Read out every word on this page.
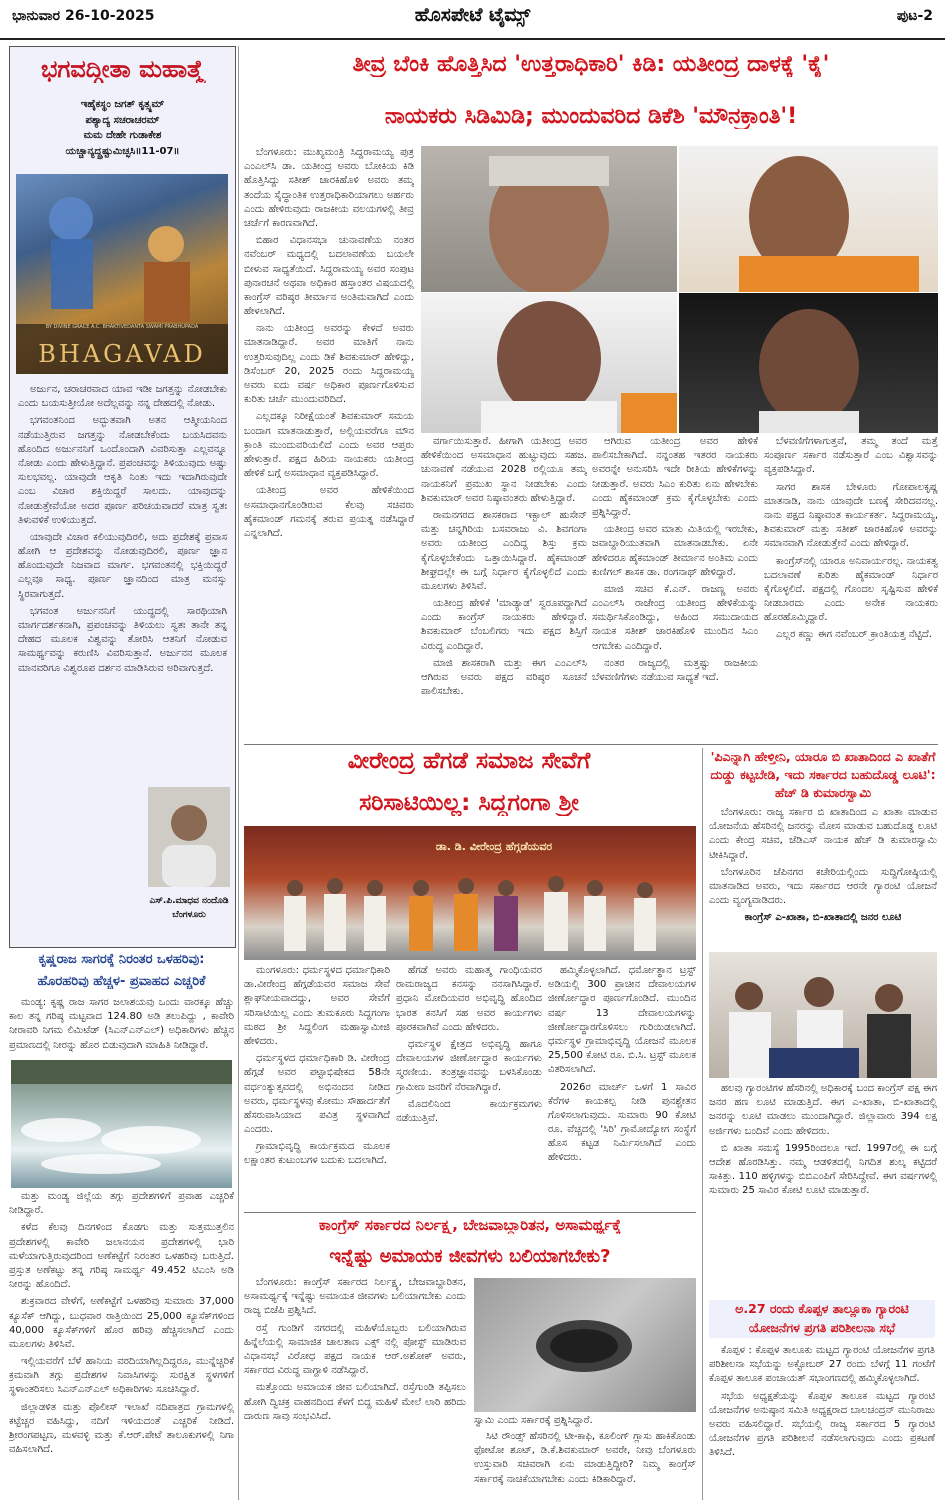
ಭಾನುವಾರ 26-10-2025	ಹೊಸಪೇಟೆ ಟೈಮ್ಸ್	ಪುಟ-2
ಭಗವದ್ಗೀತಾ ಮಹಾತ್ಮೆ
ಇಹೈಕಸ್ಥಂ ಜಗತ್ ಕೃತ್ಸ್ನಮ್
ಪಶ್ಯಾದ್ಯ ಸಚರಾಚರಮ್
ಮಮ ದೇಹೇ ಗುಡಾಕೇಶ
ಯಚ್ಚಾನ್ಯದ್ದ್ರಷ್ಟುಮಿಚ್ಛಸಿ॥11-07॥
BY DIVINE GRACE A.C. BHAKTIVEDANTA SWAMI PRABHUPADA
BHAGAVAD

ಅರ್ಜುನ, ಚರಾಚರವಾದ ಯಾವ ಇಡೀ ಜಗತ್ತನ್ನು ನೋಡಬೇಕು ಎಂದು ಬಯಸುತ್ತೀಯೋ ಅದೆಲ್ಲವನ್ನು ನನ್ನ ದೇಹದಲ್ಲಿ ನೋಡು.

ಭಗವಂತನಿಂದ ಅದ್ಭುತವಾಗಿ ಅತನ ಆತ್ಮೀಯನಿಂದ ನಡೆಯುತ್ತಿರುವ ಜಗತ್ತನ್ನು ನೋಡಬೇಕೆಂದು ಬಯಸಿದವನು ಹೊಂದಿದ ಅರ್ಜುನನಿಗೆ ಒಂದೊಂದಾಗಿ ವಿವರಿಸುತ್ತಾ ಎಲ್ಲವನ್ನೂ ನೋಡು ಎಂದು ಹೇಳುತ್ತಿದ್ದಾನೆ. ಪ್ರಪಂಚವನ್ನು ತಿಳಿಯುವುದು ಅಷ್ಟು ಸುಲಭವಲ್ಲ. ಯಾವುದೇ ಆಕೃತಿ ನಿಂತು ಇದು ಇದಾಗಿರುವುದೇ ಎಂಬ ವಿಚಾರ ಶಕ್ತಿಯಿದ್ದರೆ ಸಾಲದು. ಯಾವುದನ್ನು ನೋಡುತ್ತೇವೆಯೋ ಅದರ ಪೂರ್ಣ ಪರಿಚಯವಾದರೆ ಮಾತ್ರ ಸ್ವತಃ ತಿಳುವಳಿಕೆ ಉಳಿಯುತ್ತದೆ.

ಯಾವುದೇ ವಿಚಾರ ಕಲಿಯುವುದಿರಲಿ, ಅದು ಪ್ರದೇಶಕ್ಕೆ ಪ್ರವಾಸ ಹೋಗಿ ಆ ಪ್ರದೇಶವನ್ನು ನೋಡುವುದಿರಲಿ, ಪೂರ್ಣ ಜ್ಞಾನ ಹೊಂದುವುದೇ ನಿಜವಾದ ಮಾರ್ಗ. ಭಗವಂತನಲ್ಲಿ ಭಕ್ತಿಯಿದ್ದರೆ ಎಲ್ಲವೂ ಸಾಧ್ಯ. ಪೂರ್ಣ ಜ್ಞಾನದಿಂದ ಮಾತ್ರ ಮನಸ್ಸು ಸ್ಥಿರವಾಗುತ್ತದೆ.

ಭಗವಂತ ಅರ್ಜುನನಿಗೆ ಯುದ್ಧದಲ್ಲಿ ಸಾರಥಿಯಾಗಿ ಮಾರ್ಗದರ್ಶಕನಾಗಿ, ಪ್ರಪಂಚವನ್ನು ತಿಳಿಯಲು ಸ್ವತಃ ತಾನೇ ತನ್ನ ದೇಹದ ಮೂಲಕ ವಿಶ್ವವನ್ನು ತೋರಿಸಿ ಆತನಿಗೆ ನೋಡುವ ಸಾಮರ್ಥ್ಯವನ್ನು ಕರುಣಿಸಿ ವಿವರಿಸುತ್ತಾನೆ. ಅರ್ಜುನನ ಮೂಲಕ ಮಾನವರಿಗೂ ವಿಶ್ವರೂಪ ದರ್ಶನ ಮಾಡಿಸಿರುವ ಅರಿವಾಗುತ್ತದೆ.

ಎಸ್.ಪಿ.ಮಾಧವ ನಂದೊಡಿ
ಬೆಂಗಳೂರು
ತೀವ್ರ ಬೆಂಕಿ ಹೊತ್ತಿಸಿದ 'ಉತ್ತರಾಧಿಕಾರಿ' ಕಿಡಿ: ಯತೀಂದ್ರ ದಾಳಕ್ಕೆ 'ಕೈ'
ನಾಯಕರು ಸಿಡಿಮಿಡಿ; ಮುಂದುವರಿದ ಡಿಕೆಶಿ 'ಮೌನಕ್ರಾಂತಿ'!

ಬೆಂಗಳೂರು: ಮುಖ್ಯಮಂತ್ರಿ ಸಿದ್ದರಾಮಯ್ಯ ಪುತ್ರ ಎಂಎಲ್‌ಸಿ ಡಾ. ಯತೀಂದ್ರ ಅವರು ಬೋಕಿಯ ಕಿಡಿ ಹೊತ್ತಿಸಿದ್ದು ಸತೀಶ್ ಜಾರಕಿಹೊಳಿ ಅವರು ತಮ್ಮ ತಂದೆಯ ಸೈದ್ಧಾಂತಿಕ ಉತ್ತರಾಧಿಕಾರಿಯಾಗಲು ಅರ್ಹರು ಎಂದು ಹೇಳಿರುವುದು ರಾಜಕೀಯ ವಲಯಗಳಲ್ಲಿ ತೀವ್ರ ಚರ್ಚೆಗೆ ಕಾರಣವಾಗಿದೆ.

ಬಿಹಾರ ವಿಧಾನಸಭಾ ಚುನಾವಣೆಯ ನಂತರ ನವೆಂಬರ್ ಮಧ್ಯದಲ್ಲಿ ಬದಲಾವಣೆಯ ಬಯಲೇ ಬೀಳುವ ಸಾಧ್ಯತೆಯಿದೆ. ಸಿದ್ದರಾಮಯ್ಯ ಅವರ ಸಂಪುಟ ಪುನಾರಚನೆ ಅಥವಾ ಅಧಿಕಾರ ಹಸ್ತಾಂತರ ವಿಷಯದಲ್ಲಿ ಕಾಂಗ್ರೆಸ್ ವರಿಷ್ಠರ ತೀರ್ಮಾನ ಅಂತಿಮವಾಗಿದೆ ಎಂದು ಹೇಳಲಾಗಿದೆ.

ನಾನು ಯತೀಂದ್ರ ಅವರನ್ನು ಕೇಳದೆ ಅವರು ಮಾತನಾಡಿದ್ದಾರೆ. ಅವರ ಮಾತಿಗೆ ನಾನು ಉತ್ತರಿಸುವುದಿಲ್ಲ ಎಂದು ಡಿಕೆ ಶಿವಕುಮಾರ್ ಹೇಳಿದ್ದು, ಡಿಸೆಂಬರ್ 20, 2025 ರಂದು ಸಿದ್ದರಾಮಯ್ಯ ಅವರು ಐದು ವರ್ಷ ಅಧಿಕಾರ ಪೂರ್ಣಗೊಳಿಸುವ ಕುರಿತು ಚರ್ಚೆ ಮುಂದುವರಿದಿದೆ.

ಎಲ್ಲದಕ್ಕೂ ನಿರೀಕ್ಷೆಯಂತೆ ಶಿವಕುಮಾರ್ ಸಮಯ ಬಂದಾಗ ಮಾತನಾಡುತ್ತಾರೆ, ಅಲ್ಲಿಯವರೆಗೂ ಮೌನ ಕ್ರಾಂತಿ ಮುಂದುವರಿಯಲಿದೆ ಎಂದು ಅವರ ಆಪ್ತರು ಹೇಳುತ್ತಾರೆ. ಪಕ್ಷದ ಹಿರಿಯ ನಾಯಕರು ಯತೀಂದ್ರ ಹೇಳಿಕೆ ಬಗ್ಗೆ ಅಸಮಾಧಾನ ವ್ಯಕ್ತಪಡಿಸಿದ್ದಾರೆ.

ಯತೀಂದ್ರ ಅವರ ಹೇಳಿಕೆಯಿಂದ ಅಸಮಾಧಾನಗೊಂಡಿರುವ ಕೆಲವು ಸಚಿವರು ಹೈಕಮಾಂಡ್ ಗಮನಕ್ಕೆ ತರುವ ಪ್ರಯತ್ನ ನಡೆಸಿದ್ದಾರೆ ಎನ್ನಲಾಗಿದೆ.

ವರ್ಗಾಯಿಸುತ್ತಾರೆ. ಹೀಗಾಗಿ ಯತೀಂದ್ರ ಅವರ ಹೇಳಿಕೆಯಿಂದ ಅಸಮಾಧಾನ ಹುಟ್ಟುವುದು ಸಹಜ. ಚುನಾವಣೆ ನಡೆಯುವ 2028 ರಲ್ಲಿಯೂ ತಮ್ಮ ನಾಯಕನಿಗೆ ಪ್ರಮುಖ ಸ್ಥಾನ ನೀಡಬೇಕು ಎಂದು ಶಿವಕುಮಾರ್ ಅವರ ನಿಷ್ಠಾವಂತರು ಹೇಳುತ್ತಿದ್ದಾರೆ.

ರಾಮನಗರದ ಶಾಸಕರಾದ ಇಕ್ಬಾಲ್ ಹುಸೇನ್ ಮತ್ತು ಚನ್ನಗಿರಿಯ ಬಸವರಾಜು ವಿ. ಶಿವಗಂಗಾ ಅವರು ಯತೀಂದ್ರ ಎಂದಿದ್ದ ಶಿಸ್ತು ಕ್ರಮ ಕೈಗೊಳ್ಳಬೇಕೆಂದು ಒತ್ತಾಯಿಸಿದ್ದಾರೆ. ಹೈಕಮಾಂಡ್ ಶೀಘ್ರದಲ್ಲೇ ಈ ಬಗ್ಗೆ ನಿರ್ಧಾರ ಕೈಗೊಳ್ಳಲಿದೆ ಎಂದು ಮೂಲಗಳು ತಿಳಿಸಿವೆ.

ಯತೀಂದ್ರ ಹೇಳಿಕೆ 'ಮಾಡ್ಯಾಡ' ಸ್ವರೂಪದ್ದಾಗಿದೆ ಎಂದು ಕಾಂಗ್ರೆಸ್ ನಾಯಕರು ಹೇಳಿದ್ದಾರೆ. ಶಿವಕುಮಾರ್ ಬೆಂಬಲಿಗರು ಇದು ಪಕ್ಷದ ಶಿಸ್ತಿಗೆ ವಿರುದ್ಧ ಎಂದಿದ್ದಾರೆ.

ಮಾಜಿ ಶಾಸಕರಾಗಿ ಮತ್ತು ಈಗ ಎಂಎಲ್‌ಸಿ ಆಗಿರುವ ಅವರು ಪಕ್ಷದ ವರಿಷ್ಠರ ಸೂಚನೆ ಪಾಲಿಸಬೇಕು.

ಆಗಿರುವ ಯತೀಂದ್ರ ಅವರ ಹೇಳಿಕೆ ಪಾಲಿಸಬೇಕಾಗಿದೆ. ನನ್ನಂತಹ ಇತರರ ನಾಯಕರು ಅವರನ್ನೇ ಅನುಸರಿಸಿ ಇದೇ ರೀತಿಯ ಹೇಳಿಕೆಗಳನ್ನು ನೀಡುತ್ತಾರೆ. ಅವರು ಸಿಎಂ ಕುರಿತು ಏನು ಹೇಳಬೇಕು ಎಂದು ಹೈಕಮಾಂಡ್ ಕ್ರಮ ಕೈಗೊಳ್ಳಬೇಕು ಎಂದು ಪ್ರಶ್ನಿಸಿದ್ದಾರೆ.

ಯತೀಂದ್ರ ಅವರ ಮಾತು ಮಿತಿಯಲ್ಲಿ ಇರಬೇಕು, ಜವಾಬ್ದಾರಿಯುತವಾಗಿ ಮಾತನಾಡಬೇಕು. ಏನೇ ಹೇಳಿದರೂ ಹೈಕಮಾಂಡ್ ತೀರ್ಮಾನ ಅಂತಿಮ ಎಂದು ಕುಣಿಗಲ್ ಶಾಸಕ ಡಾ. ರಂಗನಾಥ್ ಹೇಳಿದ್ದಾರೆ.

ಮಾಜಿ ಸಚಿವ ಕೆ.ಎನ್. ರಾಜಣ್ಣ ಅವರು ಎಂಎಲ್‌ಸಿ ರಾಜೇಂದ್ರ ಯತೀಂದ್ರ ಹೇಳಿಕೆಯನ್ನು ಸಮರ್ಥಿಸಿಕೊಂಡಿದ್ದು, ಅಹಿಂದ ಸಮುದಾಯದ ನಾಯಕ ಸತೀಶ್ ಜಾರಕಿಹೊಳಿ ಮುಂದಿನ ಸಿಎಂ ಆಗಬೇಕು ಎಂದಿದ್ದಾರೆ.

ನಂತರ ರಾಜ್ಯದಲ್ಲಿ ಮತ್ತಷ್ಟು ರಾಜಕೀಯ ಬೆಳವಣಿಗೆಗಳು ನಡೆಯುವ ಸಾಧ್ಯತೆ ಇದೆ.

ಬೆಳವಣಿಗೆಗಳಾಗುತ್ತವೆ, ತಮ್ಮ ತಂದೆ ಮತ್ತೆ ಸಂಪೂರ್ಣ ಸರ್ಕಾರ ನಡೆಸುತ್ತಾರೆ ಎಂಬ ವಿಶ್ವಾಸವನ್ನು ವ್ಯಕ್ತಪಡಿಸಿದ್ದಾರೆ.

ಸಾಗರ ಶಾಸಕ ಬೇಳೂರು ಗೋಪಾಲಕೃಷ್ಣ ಮಾತನಾಡಿ, ನಾನು ಯಾವುದೇ ಬಣಕ್ಕೆ ಸೇರಿದವನಲ್ಲ. ನಾನು ಪಕ್ಷದ ನಿಷ್ಠಾವಂತ ಕಾರ್ಯಕರ್ತ. ಸಿದ್ದರಾಮಯ್ಯ, ಶಿವಕುಮಾರ್ ಮತ್ತು ಸತೀಶ್ ಜಾರಕಿಹೊಳಿ ಅವರನ್ನು ಸಮಾನವಾಗಿ ನೋಡುತ್ತೇನೆ ಎಂದು ಹೇಳಿದ್ದಾರೆ.

ಕಾಂಗ್ರೆಸ್‌ನಲ್ಲಿ ಯಾರೂ ಅನಿವಾರ್ಯರಲ್ಲ. ನಾಯಕತ್ವ ಬದಲಾವಣೆ ಕುರಿತು ಹೈಕಮಾಂಡ್ ನಿರ್ಧಾರ ಕೈಗೊಳ್ಳಲಿದೆ. ಪಕ್ಷದಲ್ಲಿ ಗೊಂದಲ ಸೃಷ್ಟಿಸುವ ಹೇಳಿಕೆ ನೀಡಬಾರದು ಎಂದು ಅನೇಕ ನಾಯಕರು ಹೊರಹೊಮ್ಮಿದ್ದಾರೆ.

ಎಲ್ಲರ ಕಣ್ಣು ಈಗ ನವೆಂಬರ್ ಕ್ರಾಂತಿಯತ್ತ ನೆಟ್ಟಿದೆ.

ವೀರೇಂದ್ರ ಹೆಗಡೆ ಸಮಾಜ ಸೇವೆಗೆ
ಸರಿಸಾಟಿಯಿಲ್ಲ: ಸಿದ್ದಗಂಗಾ ಶ್ರೀ
ಡಾ. ಡಿ. ವೀರೇಂದ್ರ ಹೆಗ್ಗಡೆಯವರ

ಮಂಗಳೂರು: ಧರ್ಮಸ್ಥಳದ ಧರ್ಮಾಧಿಕಾರಿ ಡಾ.ವೀರೇಂದ್ರ ಹೆಗ್ಗಡೆಯವರ ಸಮಾಜ ಸೇವೆ ಶ್ಲಾಘನೀಯವಾದದ್ದು, ಅವರ ಸೇವೆಗೆ ಸರಿಸಾಟಿಯಿಲ್ಲ ಎಂದು ತುಮಕೂರು ಸಿದ್ದಗಂಗಾ ಮಠದ ಶ್ರೀ ಸಿದ್ದಲಿಂಗ ಮಹಾಸ್ವಾಮೀಜಿ ಹೇಳಿದರು.

ಧರ್ಮಸ್ಥಳದ ಧರ್ಮಾಧಿಕಾರಿ ಡಿ. ವೀರೇಂದ್ರ ಹೆಗ್ಗಡೆ ಅವರ ಪಟ್ಟಾಭಿಷೇಕದ 58ನೇ ವರ್ಧಂತ್ಯುತ್ಸವದಲ್ಲಿ ಅಭಿನಂದನ ನೀಡಿದ ಅವರು, ಧರ್ಮಸ್ಥಳವು ಕೋಮು ಸೌಹಾರ್ದತೆಗೆ ಹೆಸರುವಾಸಿಯಾದ ಪವಿತ್ರ ಸ್ಥಳವಾಗಿದೆ ಎಂದರು.

ಗ್ರಾಮಾಭಿವೃದ್ಧಿ ಕಾರ್ಯಕ್ರಮದ ಮೂಲಕ ಲಕ್ಷಾಂತರ ಕುಟುಂಬಗಳ ಬದುಕು ಬದಲಾಗಿದೆ.

ಹೆಗಡೆ ಅವರು ಮಹಾತ್ಮ ಗಾಂಧಿಯವರ ರಾಮರಾಜ್ಯದ ಕನಸನ್ನು ನನಸಾಗಿಸಿದ್ದಾರೆ. ಪ್ರಧಾನಿ ಮೋದಿಯವರ ಅಭಿವೃದ್ಧಿ ಹೊಂದಿದ ಭಾರತ ಕನಸಿಗೆ ಸಹ ಅವರ ಕಾರ್ಯಗಳು ಪೂರಕವಾಗಿವೆ ಎಂದು ಹೇಳಿದರು.

ಧರ್ಮಸ್ಥಳ ಕ್ಷೇತ್ರದ ಅಭಿವೃದ್ಧಿ ಹಾಗೂ ದೇವಾಲಯಗಳ ಜೀರ್ಣೋದ್ಧಾರ ಕಾರ್ಯಗಳು ಸ್ಮರಣೀಯ. ತಂತ್ರಜ್ಞಾನವನ್ನು ಬಳಸಿಕೊಂಡು ಗ್ರಾಮೀಣ ಜನರಿಗೆ ನೆರವಾಗಿದ್ದಾರೆ.

ಮೊದಲಿನಿಂದ ಕಾರ್ಯಕ್ರಮಗಳು ನಡೆಯುತ್ತಿವೆ.

ಹಮ್ಮಿಕೊಳ್ಳಲಾಗಿದೆ. ಧರ್ಮೋತ್ಥಾನ ಟ್ರಸ್ಟ್ ಅಡಿಯಲ್ಲಿ 300 ಪ್ರಾಚೀನ ದೇವಾಲಯಗಳ ಜೀರ್ಣೋದ್ಧಾರ ಪೂರ್ಣಗೊಂಡಿದೆ. ಮುಂದಿನ ವರ್ಷ 13 ದೇವಾಲಯಗಳನ್ನು ಜೀರ್ಣೋದ್ಧಾರಗೊಳಿಸಲು ಗುರಿಯಿಡಲಾಗಿದೆ. ಧರ್ಮಸ್ಥಳ ಗ್ರಾಮಾಭಿವೃದ್ಧಿ ಯೋಜನೆ ಮೂಲಕ 25,500 ಕೋಟಿ ರೂ. ಬಿ.ಸಿ. ಟ್ರಸ್ಟ್ ಮೂಲಕ ವಿತರಿಸಲಾಗಿದೆ.

2026ರ ಮಾರ್ಚ್ ಒಳಗೆ 1 ಸಾವಿರ ಕೆರೆಗಳ ಕಾಯಕಲ್ಪ ನೀಡಿ ಪುನಶ್ಚೇತನ ಗೊಳಿಸಲಾಗುವುದು. ಸುಮಾರು 90 ಕೋಟಿ ರೂ. ವೆಚ್ಚದಲ್ಲಿ 'ಸಿರಿ' ಗ್ರಾಮೋದ್ಯೋಗ ಸಂಸ್ಥೆಗೆ ಹೊಸ ಕಟ್ಟಡ ನಿರ್ಮಿಸಲಾಗಿದೆ ಎಂದು ಹೇಳಿದರು.

'ಪಿಎನ್ನಾಗಿ ಹೇಳ್ತೀನಿ, ಯಾರೂ ಬಿ ಖಾತಾದಿಂದ ಎ ಖಾತೆಗೆ ದುಡ್ಡು ಕಟ್ಟಬೇಡಿ, ಇದು ಸರ್ಕಾರದ ಬಹುದೊಡ್ಡ ಲೂಟಿ': ಹೆಚ್ ಡಿ ಕುಮಾರಸ್ವಾಮಿ

ಬೆಂಗಳೂರು: ರಾಜ್ಯ ಸರ್ಕಾರ ಬಿ ಖಾತಾದಿಂದ ಎ ಖಾತಾ ಮಾಡುವ ಯೋಜನೆಯ ಹೆಸರಿನಲ್ಲಿ ಜನರನ್ನು ಮೋಸ ಮಾಡುವ ಬಹುದೊಡ್ಡ ಲೂಟಿ ಎಂದು ಕೇಂದ್ರ ಸಚಿವ, ಜೆಡಿಎಸ್ ನಾಯಕ ಹೆಚ್ ಡಿ ಕುಮಾರಸ್ವಾಮಿ ಟೀಕಿಸಿದ್ದಾರೆ.

ಬೆಂಗಳೂರಿನ ಜೆಪಿನಗರ ಕಚೇರಿಯಲ್ಲಿಂದು ಸುದ್ದಿಗೋಷ್ಠಿಯಲ್ಲಿ ಮಾತನಾಡಿದ ಅವರು, ಇದು ಸರ್ಕಾರದ ಆರನೇ ಗ್ಯಾರಂಟಿ ಯೋಜನೆ ಎಂದು ವ್ಯಂಗ್ಯವಾಡಿದರು.

ಕಾಂಗ್ರೆಸ್ ಎ-ಖಾತಾ, ಬಿ-ಖಾತಾದಲ್ಲಿ ಜನರ ಲೂಟಿ

ಹಲವು ಗ್ಯಾರಂಟಿಗಳ ಹೆಸರಿನಲ್ಲಿ ಅಧಿಕಾರಕ್ಕೆ ಬಂದ ಕಾಂಗ್ರೆಸ್ ಪಕ್ಷ ಈಗ ಜನರ ಹಣ ಲೂಟಿ ಮಾಡುತ್ತಿದೆ. ಈಗ ಎ-ಖಾತಾ, ಬಿ-ಖಾತಾದಲ್ಲಿ ಜನರನ್ನು ಲೂಟಿ ಮಾಡಲು ಮುಂದಾಗಿದ್ದಾರೆ. ಜಿಲ್ಲಾವಾರು 394 ಲಕ್ಷ ಅರ್ಜಿಗಳು ಬಂದಿವೆ ಎಂದು ಹೇಳಿದರು.

ಬಿ ಖಾತಾ ಸಮಸ್ಯೆ 1995ರಿಂದಲೂ ಇದೆ. 1997ರಲ್ಲಿ ಈ ಬಗ್ಗೆ ಆದೇಶ ಹೊರಡಿಸಿತ್ತು. ನಮ್ಮ ಆಡಳಿತದಲ್ಲಿ ನಿಗದಿತ ಶುಲ್ಕ ಕಟ್ಟಿದರೆ ಸಾಕಿತ್ತು. 110 ಹಳ್ಳಿಗಳನ್ನು ಬಿಬಿಎಂಪಿಗೆ ಸೇರಿಸಿದ್ದೇವೆ. ಈಗ ವರ್ಷಗಳಲ್ಲಿ ಸುಮಾರು 25 ಸಾವಿರ ಕೋಟಿ ಲೂಟಿ ಮಾಡುತ್ತಾರೆ.

ಅ.27 ರಂದು ಕೊಪ್ಪಳ ತಾಲ್ಲೂಕಾ ಗ್ಯಾರಂಟಿ ಯೋಜನೆಗಳ ಪ್ರಗತಿ ಪರಿಶೀಲನಾ ಸಭೆ

ಕೊಪ್ಪಳ : ಕೊಪ್ಪಳ ತಾಲೂಕು ಮಟ್ಟದ ಗ್ಯಾರಂಟಿ ಯೋಜನೆಗಳ ಪ್ರಗತಿ ಪರಿಶೀಲನಾ ಸಭೆಯನ್ನು ಅಕ್ಟೋಬರ್ 27 ರಂದು ಬೆಳಗ್ಗೆ 11 ಗಂಟೆಗೆ ಕೊಪ್ಪಳ ತಾಲೂಕ ಪಂಚಾಯತ್ ಸಭಾಂಗಣದಲ್ಲಿ ಹಮ್ಮಿಕೊಳ್ಳಲಾಗಿದೆ.

ಸಭೆಯ ಅಧ್ಯಕ್ಷತೆಯನ್ನು ಕೊಪ್ಪಳ ತಾಲೂಕ ಮಟ್ಟದ ಗ್ಯಾರಂಟಿ ಯೋಜನೆಗಳ ಅನುಷ್ಠಾನ ಸಮಿತಿ ಅಧ್ಯಕ್ಷರಾದ ಬಾಲಚಂದ್ರನ್ ಮುನಿರಾಜು ಅವರು ವಹಿಸಲಿದ್ದಾರೆ. ಸಭೆಯಲ್ಲಿ ರಾಜ್ಯ ಸರ್ಕಾರದ 5 ಗ್ಯಾರಂಟಿ ಯೋಜನೆಗಳ ಪ್ರಗತಿ ಪರಿಶೀಲನೆ ನಡೆಸಲಾಗುವುದು ಎಂದು ಪ್ರಕಟಣೆ ತಿಳಿಸಿದೆ.

ಕೃಷ್ಣರಾಜ ಸಾಗರಕ್ಕೆ ನಿರಂತರ ಒಳಹರಿವು:
ಹೊರಹರಿವು ಹೆಚ್ಚಳ- ಪ್ರವಾಹದ ಎಚ್ಚರಿಕೆ

ಮಂಡ್ಯ: ಕೃಷ್ಣ ರಾಜ ಸಾಗರ ಜಲಾಶಯವು ಒಂದು ವಾರಕ್ಕೂ ಹೆಚ್ಚು ಕಾಲ ತನ್ನ ಗರಿಷ್ಠ ಮಟ್ಟವಾದ 124.80 ಅಡಿ ತಲುಪಿದ್ದು , ಕಾವೇರಿ ನೀರಾವರಿ ನಿಗಮ ಲಿಮಿಟೆಡ್ (ಸಿಎನ್‌ಎನ್‌ಎಲ್) ಅಧಿಕಾರಿಗಳು ಹೆಚ್ಚಿನ ಪ್ರಮಾಣದಲ್ಲಿ ನೀರನ್ನು ಹೊರ ಬಿಡುವುದಾಗಿ ಮಾಹಿತಿ ನೀಡಿದ್ದಾರೆ.

ಮತ್ತು ಮಂಡ್ಯ ಜಿಲ್ಲೆಯ ತಗ್ಗು ಪ್ರದೇಶಗಳಿಗೆ ಪ್ರವಾಹ ಎಚ್ಚರಿಕೆ ನೀಡಿದ್ದಾರೆ.

ಕಳೆದ ಕೆಲವು ದಿನಗಳಿಂದ ಕೊಡಗು ಮತ್ತು ಸುತ್ತಮುತ್ತಲಿನ ಪ್ರದೇಶಗಳಲ್ಲಿ ಕಾವೇರಿ ಜಲಾನಯನ ಪ್ರದೇಶಗಳಲ್ಲಿ ಭಾರಿ ಮಳೆಯಾಗುತ್ತಿರುವುದರಿಂದ ಅಣೆಕಟ್ಟೆಗೆ ನಿರಂತರ ಒಳಹರಿವು ಬರುತ್ತಿದೆ. ಪ್ರಸ್ತುತ ಅಣೆಕಟ್ಟು ತನ್ನ ಗರಿಷ್ಠ ಸಾಮರ್ಥ್ಯ 49.452 ಟಿಎಂಸಿ ಅಡಿ ನೀರನ್ನು ಹೊಂದಿದೆ.

ಶುಕ್ರವಾರದ ವೇಳೆಗೆ, ಅಣೆಕಟ್ಟೆಗೆ ಒಳಹರಿವು ಸುಮಾರು 37,000 ಕ್ಯೂಸೆಕ್ ಆಗಿದ್ದು, ಬುಧವಾರ ರಾತ್ರಿಯಿಂದ 25,000 ಕ್ಯೂಸೆಕ್‌ಗಳಿಂದ 40,000 ಕ್ಯೂಸೆಕ್‌ಗಳಿಗೆ ಹೊರ ಹರಿವು ಹೆಚ್ಚಿಸಲಾಗಿದೆ ಎಂದು ಮೂಲಗಳು ತಿಳಿಸಿವೆ.

ಇಲ್ಲಿಯವರೆಗೆ ಬೆಳೆ ಹಾನಿಯ ವರದಿಯಾಗಿಲ್ಲದಿದ್ದರೂ, ಮುನ್ನೆಚ್ಚರಿಕೆ ಕ್ರಮವಾಗಿ ತಗ್ಗು ಪ್ರದೇಶಗಳ ನಿವಾಸಿಗಳನ್ನು ಸುರಕ್ಷಿತ ಸ್ಥಳಗಳಿಗೆ ಸ್ಥಳಾಂತರಿಸಲು ಸಿಎನ್‌ಎನ್‌ಎಲ್ ಅಧಿಕಾರಿಗಳು ಸೂಚಿಸಿದ್ದಾರೆ.

ಜಿಲ್ಲಾಡಳಿತ ಮತ್ತು ಪೊಲೀಸ್ ಇಲಾಖೆ ನದಿಪಾತ್ರದ ಗ್ರಾಮಗಳಲ್ಲಿ ಕಟ್ಟೆಚ್ಚರ ವಹಿಸಿದ್ದು, ನದಿಗೆ ಇಳಿಯದಂತೆ ಎಚ್ಚರಿಕೆ ನೀಡಿದೆ. ಶ್ರೀರಂಗಪಟ್ಟಣ, ಮಳವಳ್ಳಿ ಮತ್ತು ಕೆ.ಆರ್.ಪೇಟೆ ತಾಲೂಕುಗಳಲ್ಲಿ ನಿಗಾ ವಹಿಸಲಾಗಿದೆ.

ಕಾಂಗ್ರೆಸ್ ಸರ್ಕಾರದ ನಿರ್ಲಕ್ಷ್ಯ, ಬೇಜವಾಬ್ದಾರಿತನ, ಅಸಾಮರ್ಥ್ಯಕ್ಕೆ
ಇನ್ನೆಷ್ಟು ಅಮಾಯಕ ಜೀವಗಳು ಬಲಿಯಾಗಬೇಕು?

ಬೆಂಗಳೂರು: ಕಾಂಗ್ರೆಸ್ ಸರ್ಕಾರದ ನಿರ್ಲಕ್ಷ್ಯ, ಬೇಜವಾಬ್ದಾರಿತನ, ಅಸಾಮರ್ಥ್ಯಕ್ಕೆ ಇನ್ನೆಷ್ಟು ಅಮಾಯಕ ಜೀವಗಳು ಬಲಿಯಾಗಬೇಕು ಎಂದು ರಾಜ್ಯ ಬಿಜೆಪಿ ಪ್ರಶ್ನಿಸಿದೆ.

ರಸ್ತೆ ಗುಂಡಿಗೆ ನಗರದಲ್ಲಿ ಮಹಿಳೆಯೊಬ್ಬರು ಬಲಿಯಾಗಿರುವ ಹಿನ್ನೆಲೆಯಲ್ಲಿ ಸಾಮಾಜಿಕ ಜಾಲತಾಣ ಎಕ್ಸ್ ನಲ್ಲಿ ಪೋಸ್ಟ್ ಮಾಡಿರುವ ವಿಧಾನಸಭೆ ವಿರೋಧ ಪಕ್ಷದ ನಾಯಕ ಆರ್.ಅಶೋಕ್ ಅವರು, ಸರ್ಕಾರದ ವಿರುದ್ಧ ವಾಗ್ದಾಳಿ ನಡೆಸಿದ್ದಾರೆ.

ಮತ್ತೊಂದು ಅಮಾಯಕ ಜೀವ ಬಲಿಯಾಗಿದೆ. ರಸ್ತೆಗುಂಡಿ ತಪ್ಪಿಸಲು ಹೋಗಿ ದ್ವಿಚಕ್ರ ವಾಹನದಿಂದ ಕೆಳಗೆ ಬಿದ್ದ ಮಹಿಳೆ ಮೇಲೆ ಲಾರಿ ಹರಿದು ದಾರುಣ ಸಾವು ಸಂಭವಿಸಿದೆ.	ಸ್ವಾಮಿ ಎಂದು ಸರ್ಕಾರಕ್ಕೆ ಪ್ರಶ್ನಿಸಿದ್ದಾರೆ.

ಸಿಟಿ ರೌಂಡ್ಸ್ ಹೆಸರಿನಲ್ಲಿ ಟೀ-ಕಾಫಿ, ಕೂಲಿಂಗ್ ಗ್ಲಾಸು ಹಾಕಿಕೊಂಡು ಫೋಟೋ ಶೂಟ್, ಡಿ.ಕೆ.ಶಿವಕುಮಾರ್ ಅವರೇ, ನೀವು ಬೆಂಗಳೂರು ಉಸ್ತುವಾರಿ ಸಚಿವರಾಗಿ ಏನು ಮಾಡುತ್ತಿದ್ದೀರಿ? ನಿಮ್ಮ ಕಾಂಗ್ರೆಸ್ ಸರ್ಕಾರಕ್ಕೆ ನಾಚಿಕೆಯಾಗಬೇಕು ಎಂದು ಕಿಡಿಕಾರಿದ್ದಾರೆ.
